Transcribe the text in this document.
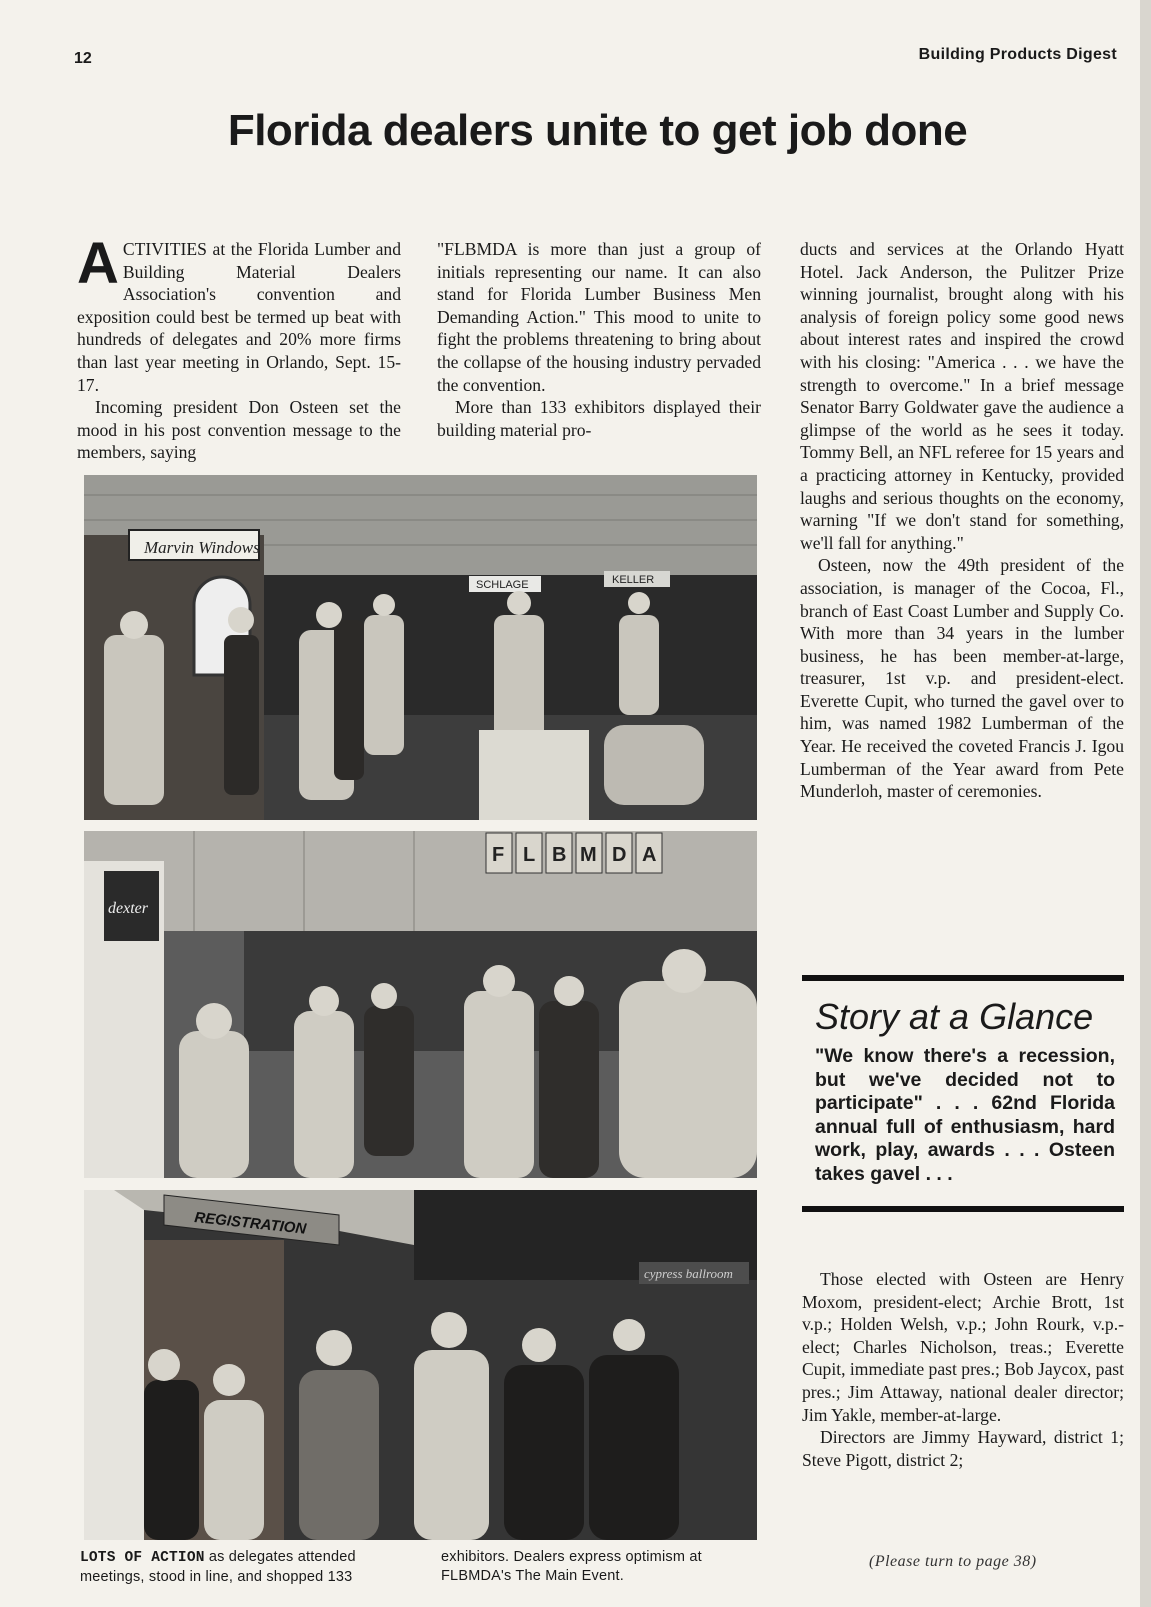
12	Building Products Digest
Florida dealers unite to get job done

ACTIVITIES at the Florida Lumber and Building Material Dealers Association's convention and exposition could best be termed up beat with hundreds of delegates and 20% more firms than last year meeting in Orlando, Sept. 15-17.

Incoming president Don Osteen set the mood in his post convention message to the members, saying

"FLBMDA is more than just a group of initials representing our name. It can also stand for Florida Lumber Business Men Demanding Action." This mood to unite to fight the problems threatening to bring about the collapse of the housing industry pervaded the convention.

More than 133 exhibitors displayed their building material pro-

ducts and services at the Orlando Hyatt Hotel. Jack Anderson, the Pulitzer Prize winning journalist, brought along with his analysis of foreign policy some good news about interest rates and inspired the crowd with his closing: "America . . . we have the strength to overcome." In a brief message Senator Barry Goldwater gave the audience a glimpse of the world as he sees it today. Tommy Bell, an NFL referee for 15 years and a practicing attorney in Kentucky, provided laughs and serious thoughts on the economy, warning "If we don't stand for something, we'll fall for anything."

Osteen, now the 49th president of the association, is manager of the Cocoa, Fl., branch of East Coast Lumber and Supply Co. With more than 34 years in the lumber business, he has been member-at-large, treasurer, 1st v.p. and president-elect. Everette Cupit, who turned the gavel over to him, was named 1982 Lumberman of the Year. He received the coveted Francis J. Igou Lumberman of the Year award from Pete Munderloh, master of ceremonies.

Marvin Windows
SCHLAGE	KELLER
F L B M D A
dexter
cypress ballroom
REGISTRATION
LOTS OF ACTION as delegates attended meetings, stood in line, and shopped 133
exhibitors. Dealers express optimism at FLBMDA's The Main Event.
Story at a Glance

"We know there's a recession, but we've decided not to participate" . . . 62nd Florida annual full of enthusiasm, hard work, play, awards . . . Osteen takes gavel . . .

Those elected with Osteen are Henry Moxom, president-elect; Archie Brott, 1st v.p.; Holden Welsh, v.p.; John Rourk, v.p.-elect; Charles Nicholson, treas.; Everette Cupit, immediate past pres.; Bob Jaycox, past pres.; Jim Attaway, national dealer director; Jim Yakle, member-at-large.

Directors are Jimmy Hayward, district 1; Steve Pigott, district 2;

(Please turn to page 38)
